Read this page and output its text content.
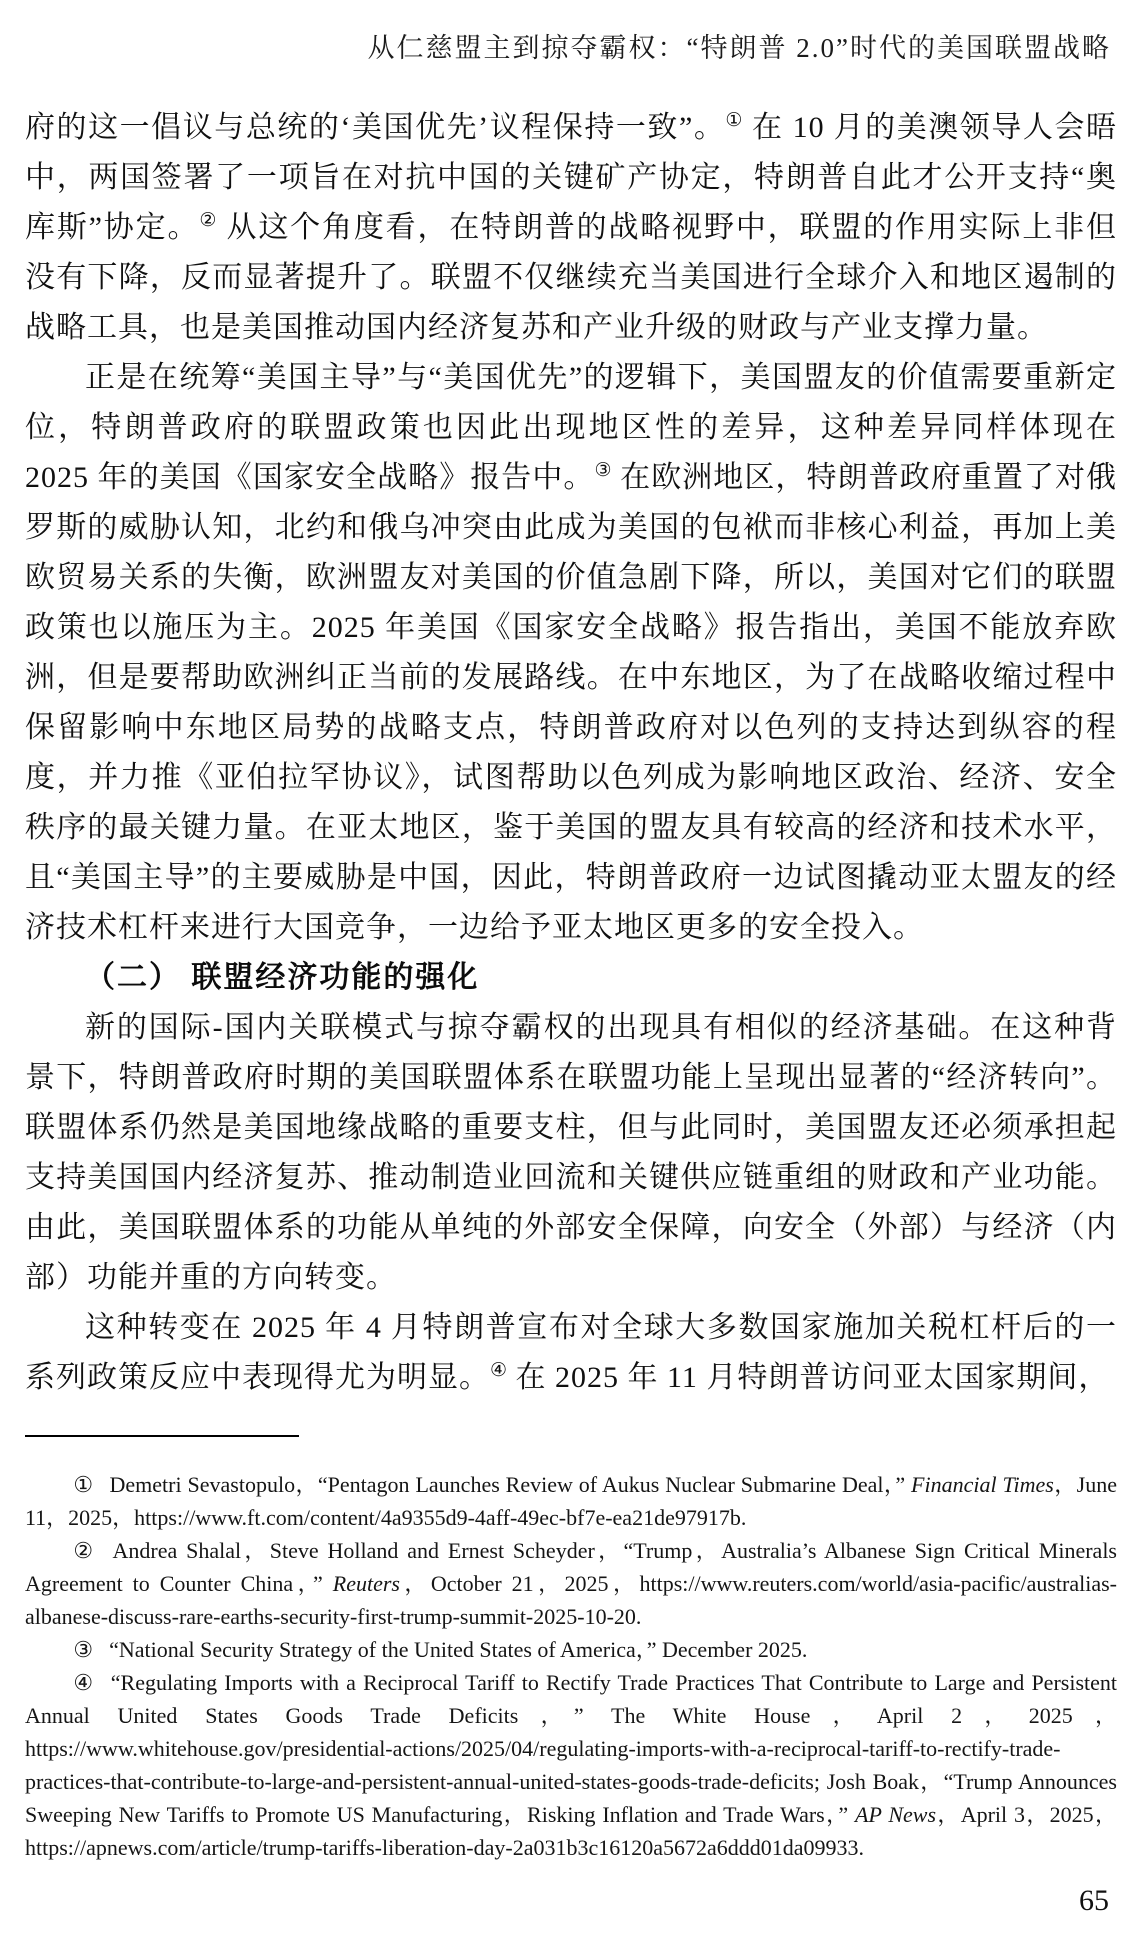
从仁慈盟主到掠夺霸权：“特朗普 2.0”时代的美国联盟战略

府的这一倡议与总统的‘美国优先’议程保持一致”。① 在 10 月的美澳领导人会晤中，两国签署了一项旨在对抗中国的关键矿产协定，特朗普自此才公开支持“奥库斯”协定。② 从这个角度看，在特朗普的战略视野中，联盟的作用实际上非但没有下降，反而显著提升了。联盟不仅继续充当美国进行全球介入和地区遏制的战略工具，也是美国推动国内经济复苏和产业升级的财政与产业支撑力量。

正是在统筹“美国主导”与“美国优先”的逻辑下，美国盟友的价值需要重新定位，特朗普政府的联盟政策也因此出现地区性的差异，这种差异同样体现在 2025 年的美国《国家安全战略》报告中。③ 在欧洲地区，特朗普政府重置了对俄罗斯的威胁认知，北约和俄乌冲突由此成为美国的包袱而非核心利益，再加上美欧贸易关系的失衡，欧洲盟友对美国的价值急剧下降，所以，美国对它们的联盟政策也以施压为主。2025 年美国《国家安全战略》报告指出，美国不能放弃欧洲，但是要帮助欧洲纠正当前的发展路线。在中东地区，为了在战略收缩过程中保留影响中东地区局势的战略支点，特朗普政府对以色列的支持达到纵容的程度，并力推《亚伯拉罕协议》，试图帮助以色列成为影响地区政治、经济、安全秩序的最关键力量。在亚太地区，鉴于美国的盟友具有较高的经济和技术水平，且“美国主导”的主要威胁是中国，因此，特朗普政府一边试图撬动亚太盟友的经济技术杠杆来进行大国竞争，一边给予亚太地区更多的安全投入。

（二） 联盟经济功能的强化

新的国际-国内关联模式与掠夺霸权的出现具有相似的经济基础。在这种背景下，特朗普政府时期的美国联盟体系在联盟功能上呈现出显著的“经济转向”。联盟体系仍然是美国地缘战略的重要支柱，但与此同时，美国盟友还必须承担起支持美国国内经济复苏、推动制造业回流和关键供应链重组的财政和产业功能。由此，美国联盟体系的功能从单纯的外部安全保障，向安全（外部）与经济（内部）功能并重的方向转变。

这种转变在 2025 年 4 月特朗普宣布对全球大多数国家施加关税杠杆后的一系列政策反应中表现得尤为明显。④ 在 2025 年 11 月特朗普访问亚太国家期间，

① Demetri Sevastopulo，“Pentagon Launches Review of Aukus Nuclear Submarine Deal，” Financial Times，June 11，2025，https://www.ft.com/content/4a9355d9-4aff-49ec-bf7e-ea21de97917b.

② Andrea Shalal，Steve Holland and Ernest Scheyder，“Trump，Australia’s Albanese Sign Critical Minerals Agreement to Counter China，” Reuters，October 21，2025，https://www.reuters.com/world/asia-pacific/australias-albanese-discuss-rare-earths-security-first-trump-summit-2025-10-20.

③ “National Security Strategy of the United States of America，” December 2025.

④ “Regulating Imports with a Reciprocal Tariff to Rectify Trade Practices That Contribute to Large and Persistent Annual United States Goods Trade Deficits，” The White House，April 2，2025，https://www.whitehouse.gov/presidential-actions/2025/04/regulating-imports-with-a-reciprocal-tariff-to-rectify-trade-practices-that-contribute-to-large-and-persistent-annual-united-states-goods-trade-deficits; Josh Boak，“Trump Announces Sweeping New Tariffs to Promote US Manufacturing，Risking Inflation and Trade Wars，” AP News，April 3，2025，https://apnews.com/article/trump-tariffs-liberation-day-2a031b3c16120a5672a6ddd01da09933.

65
